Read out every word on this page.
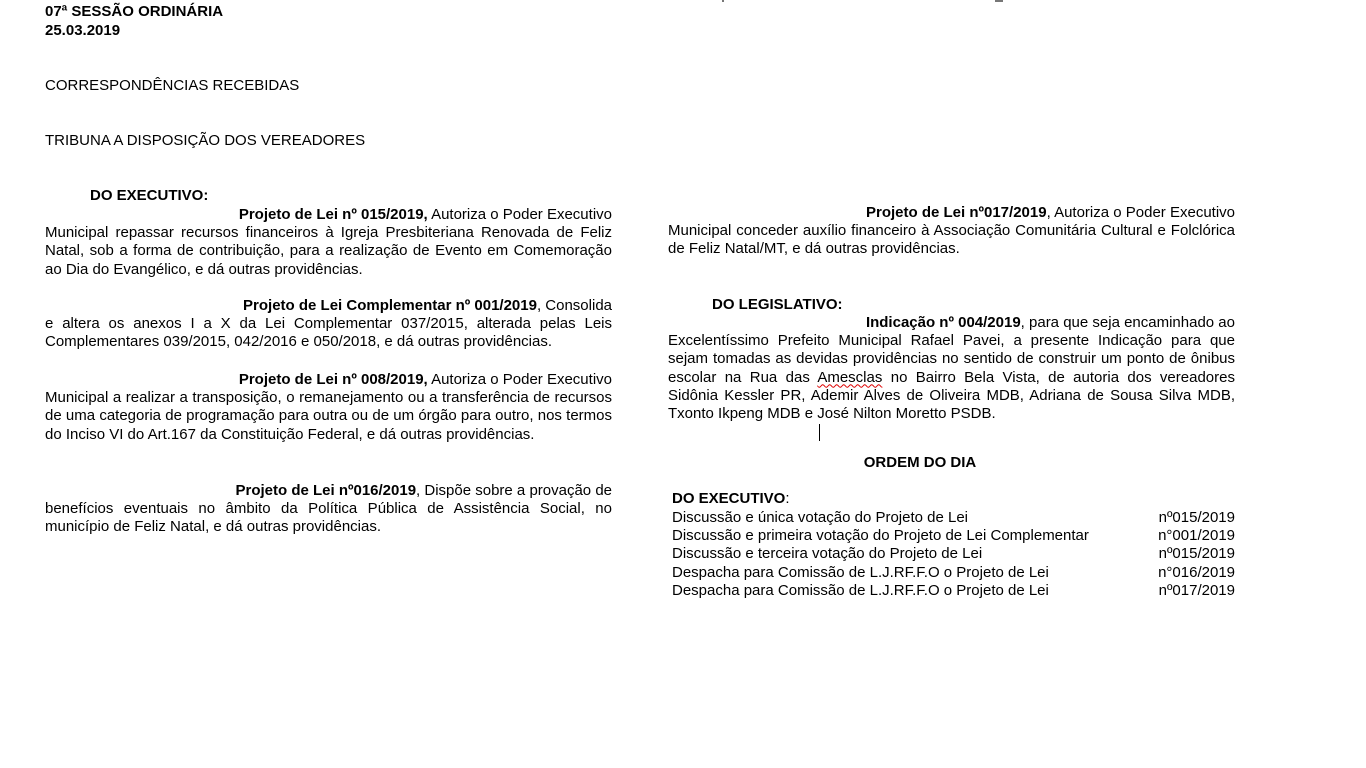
07ª SESSÃO ORDINÁRIA
25.03.2019
CORRESPONDÊNCIAS RECEBIDAS
TRIBUNA A DISPOSIÇÃO DOS VEREADORES
DO EXECUTIVO:
Projeto de Lei nº 015/2019, Autoriza o Poder Executivo
Municipal repassar recursos financeiros à Igreja Presbiteriana Renovada de Feliz Natal, sob a forma de contribuição, para a realização de Evento em Comemoração ao Dia do Evangélico, e dá outras providências.
Projeto de Lei Complementar nº 001/2019, Consolida
e altera os anexos I a X da Lei Complementar 037/2015, alterada pelas Leis Complementares 039/2015, 042/2016 e 050/2018, e dá outras providências.
Projeto de Lei nº 008/2019, Autoriza o Poder Executivo
Municipal a realizar a transposição, o remanejamento ou a transferência de recursos de uma categoria de programação para outra ou de um órgão para outro, nos termos do Inciso VI do Art.167 da Constituição Federal, e dá outras providências.
Projeto de Lei nº016/2019, Dispõe sobre a provação de
benefícios eventuais no âmbito da Política Pública de Assistência Social, no município de Feliz Natal, e dá outras providências.
Projeto de Lei nº017/2019, Autoriza o Poder Executivo
Municipal conceder auxílio financeiro à Associação Comunitária Cultural e Folclórica de Feliz Natal/MT, e dá outras providências.
DO LEGISLATIVO:
Indicação nº 004/2019, para que seja encaminhado ao
Excelentíssimo Prefeito Municipal Rafael Pavei, a presente Indicação para que sejam tomadas as devidas providências no sentido de construir um ponto de ônibus escolar na Rua das Amesclas no Bairro Bela Vista, de autoria dos vereadores Sidônia Kessler PR, Ademir Alves de Oliveira MDB, Adriana de Sousa Silva MDB, Txonto Ikpeng MDB e José Nilton Moretto PSDB.
ORDEM DO DIA
DO EXECUTIVO:
Discussão e única votação do Projeto de Lei	nº015/2019
Discussão e primeira votação do Projeto de Lei Complementar	n°001/2019
Discussão e terceira votação do Projeto de Lei	nº015/2019
Despacha para Comissão de L.J.RF.F.O o Projeto de Lei	n°016/2019
Despacha para Comissão de L.J.RF.F.O o Projeto de Lei	nº017/2019
